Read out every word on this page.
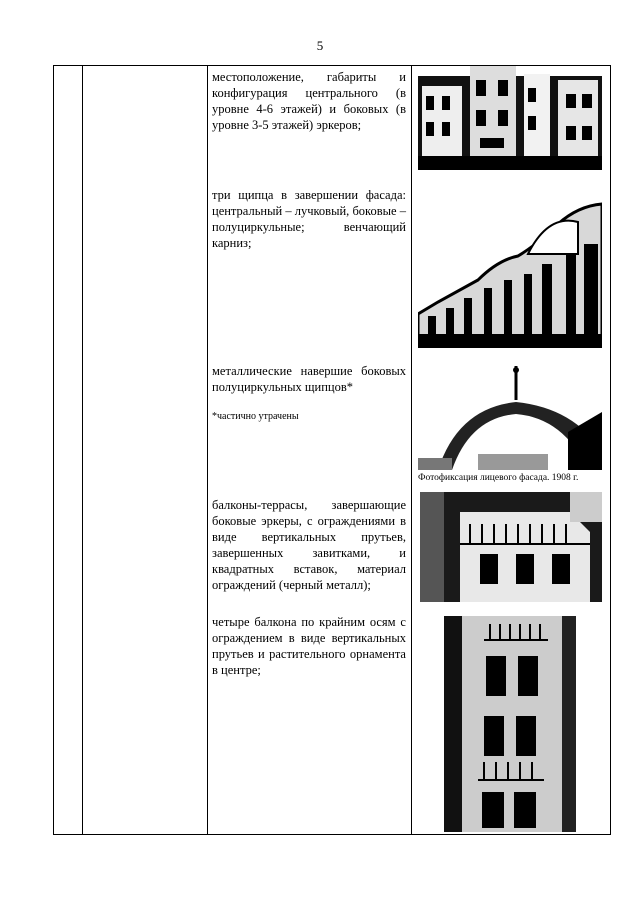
5
местоположение, габариты и конфигурация центрального (в уровне 4-6 этажей) и боковых (в уровне 3-5 этажей) эркеров;
три щипца в завершении фасада: центральный – лучковый, боковые – полуциркульные; венчающий карниз;
металлические навершие боковых полуциркульных щипцов*
*частично утрачены
Фотофиксация лицевого фасада. 1908 г.
балконы-террасы, завершающие боковые эркеры, с ограждениями в виде вертикальных прутьев, завершенных завитками, и квадратных вставок, материал ограждений (черный металл);
четыре балкона по крайним осям с ограждением в виде вертикальных прутьев и растительного орнамента в центре;
